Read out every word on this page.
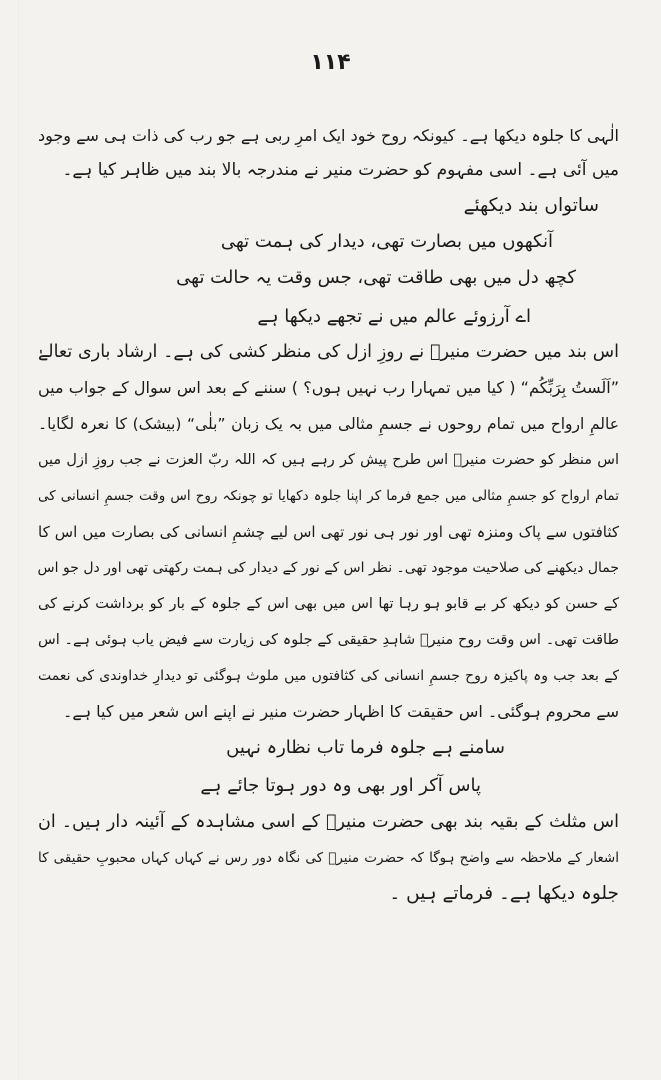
۱۱۴
الٰہی کا جلوہ دیکھا ہے۔ کیونکہ روح خود ایک امرِ ربی ہے جو رب کی ذات ہی سے وجود
میں آئی ہے۔ اسی مفہوم کو حضرت منیر نے مندرجہ بالا بند میں ظاہر کیا ہے۔
ساتواں بند دیکھئے
آنکھوں میں بصارت تھی، دیدار کی ہمت تھی
کچھ دل میں بھی طاقت تھی، جس وقت یہ حالت تھی
اے آرزوئے عالم میں نے تجھے دیکھا ہے
اس بند میں حضرت منیرؔ نے روزِ ازل کی منظر کشی کی ہے۔ ارشاد باری تعالےٰ
”اَلَستُ بِرَبِّکُم“ ( کیا میں تمہارا رب نہیں ہوں؟ ) سننے کے بعد اس سوال کے جواب میں
عالمِ ارواح میں تمام روحوں نے جسمِ مثالی میں بہ یک زبان ”بلٰی“ (بیشک) کا نعرہ لگایا۔
اس منظر کو حضرت منیرؔ اس طرح پیش کر رہے ہیں کہ اللہ ربّ العزت نے جب روزِ ازل میں
تمام ارواح کو جسمِ مثالی میں جمع فرما کر اپنا جلوہ دکھایا تو چونکہ روح اس وقت جسمِ انسانی کی
کثافتوں سے پاک ومنزہ تھی اور نور ہی نور تھی اس لیے چشمِ انسانی کی بصارت میں اس کا
جمال دیکھنے کی صلاحیت موجود تھی۔ نظر اس کے نور کے دیدار کی ہمت رکھتی تھی اور دل جو اس
کے حسن کو دیکھ کر بے قابو ہو رہا تھا اس میں بھی اس کے جلوہ کے بار کو برداشت کرنے کی
طاقت تھی۔ اس وقت روح منیرؔ شاہدِ حقیقی کے جلوہ کی زیارت سے فیض یاب ہوئی ہے۔ اس
کے بعد جب وہ پاکیزہ روح جسمِ انسانی کی کثافتوں میں ملوث ہوگئی تو دیدارِ خداوندی کی نعمت
سے محروم ہوگئی۔ اس حقیقت کا اظہار حضرت منیر نے اپنے اس شعر میں کیا ہے۔
سامنے ہے جلوہ فرما تاب نظارہ نہیں
پاس آکر اور بھی وہ دور ہوتا جائے ہے
اس مثلث کے بقیہ بند بھی حضرت منیرؔ کے اسی مشاہدہ کے آئینہ دار ہیں۔ ان
اشعار کے ملاحظہ سے واضح ہوگا کہ حضرت منیرؔ کی نگاہ دور رس نے کہاں کہاں محبوبِ حقیقی کا
جلوہ دیکھا ہے۔ فرماتے ہیں ۔
